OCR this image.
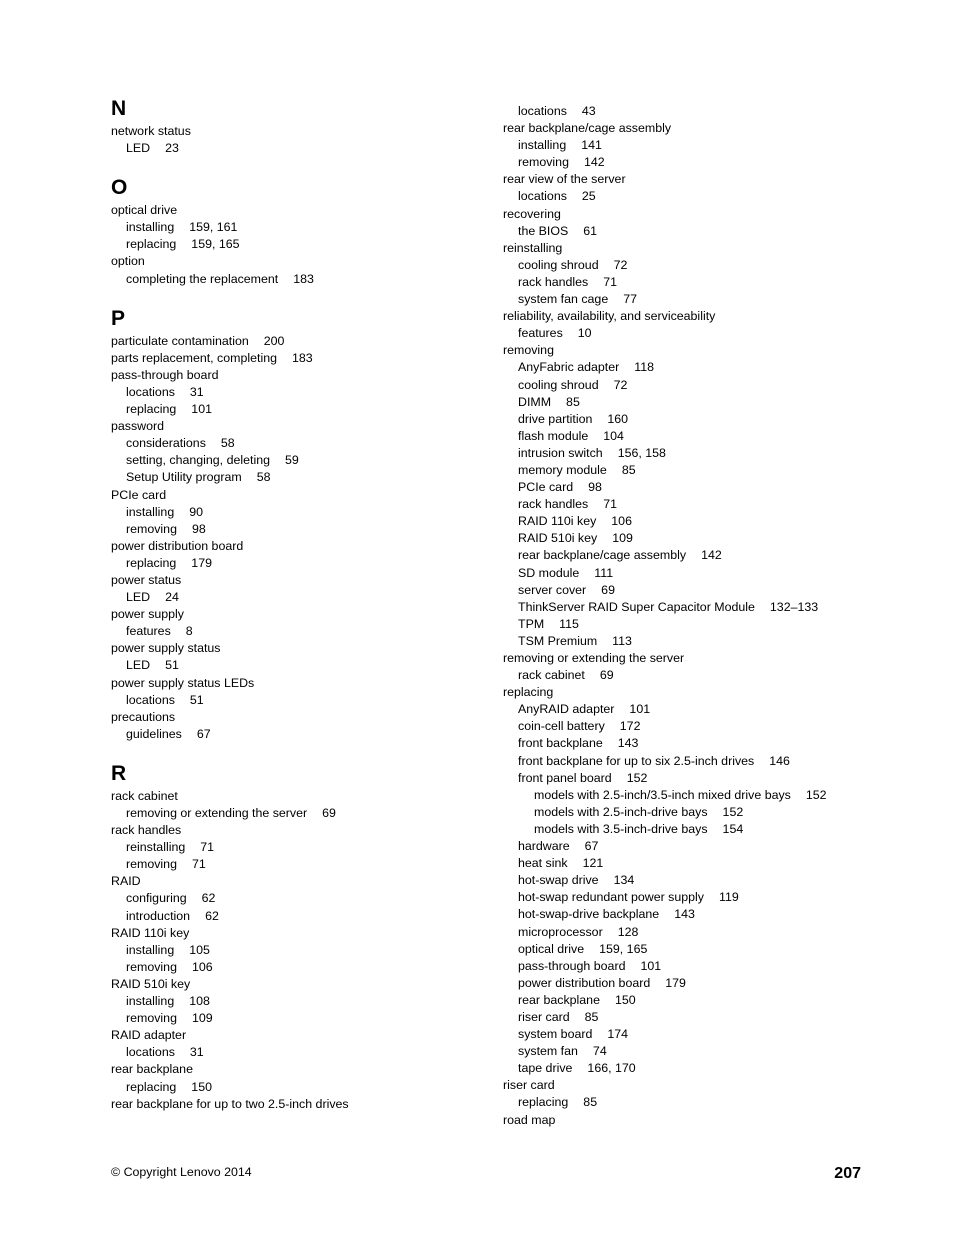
N
network status
LED 23
O
optical drive
installing 159, 161
replacing 159, 165
option
completing the replacement 183
P
particulate contamination 200
parts replacement, completing 183
pass-through board
locations 31
replacing 101
password
considerations 58
setting, changing, deleting 59
Setup Utility program 58
PCIe card
installing 90
removing 98
power distribution board
replacing 179
power status
LED 24
power supply
features 8
power supply status
LED 51
power supply status LEDs
locations 51
precautions
guidelines 67
R
rack cabinet
removing or extending the server 69
rack handles
reinstalling 71
removing 71
RAID
configuring 62
introduction 62
RAID 110i key
installing 105
removing 106
RAID 510i key
installing 108
removing 109
RAID adapter
locations 31
rear backplane
replacing 150
rear backplane for up to two 2.5-inch drives
locations 43
rear backplane/cage assembly
installing 141
removing 142
rear view of the server
locations 25
recovering
the BIOS 61
reinstalling
cooling shroud 72
rack handles 71
system fan cage 77
reliability, availability, and serviceability
features 10
removing
AnyFabric adapter 118
cooling shroud 72
DIMM 85
drive partition 160
flash module 104
intrusion switch 156, 158
memory module 85
PCIe card 98
rack handles 71
RAID 110i key 106
RAID 510i key 109
rear backplane/cage assembly 142
SD module 111
server cover 69
ThinkServer RAID Super Capacitor Module 132–133
TPM 115
TSM Premium 113
removing or extending the server
rack cabinet 69
replacing
AnyRAID adapter 101
coin-cell battery 172
front backplane 143
front backplane for up to six 2.5-inch drives 146
front panel board 152
models with 2.5-inch/3.5-inch mixed drive bays 152
models with 2.5-inch-drive bays 152
models with 3.5-inch-drive bays 154
hardware 67
heat sink 121
hot-swap drive 134
hot-swap redundant power supply 119
hot-swap-drive backplane 143
microprocessor 128
optical drive 159, 165
pass-through board 101
power distribution board 179
rear backplane 150
riser card 85
system board 174
system fan 74
tape drive 166, 170
riser card
replacing 85
road map
© Copyright Lenovo 2014	207
